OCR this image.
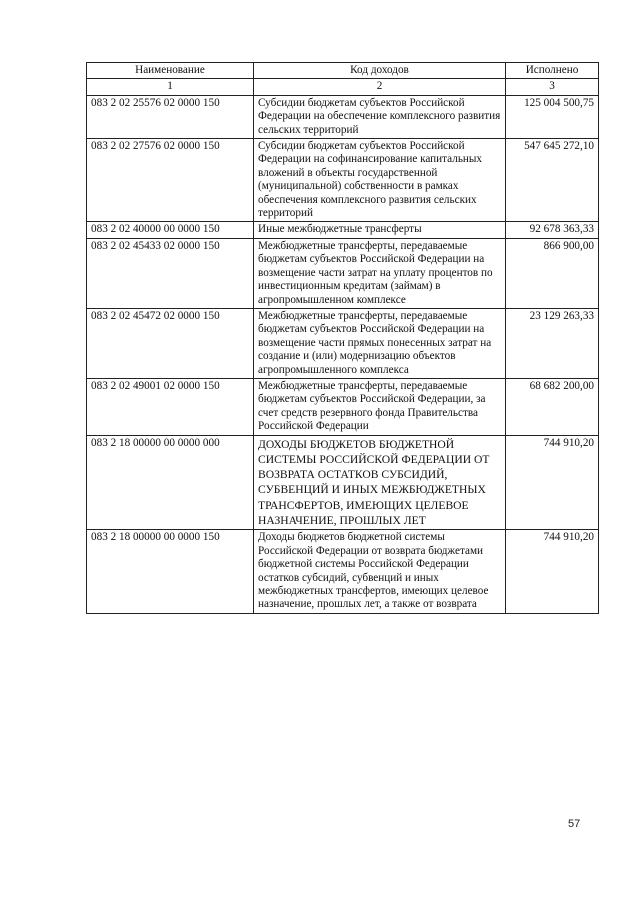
Наименование	Код доходов	Исполнено
1	2	3
083 2 02 25576 02 0000 150	Субсидии бюджетам субъектов Российской Федерации на обеспечение комплексного развития сельских территорий	125 004 500,75
083 2 02 27576 02 0000 150	Субсидии бюджетам субъектов Российской Федерации на софинансирование капитальных вложений в объекты государственной (муниципальной) собственности в рамках обеспечения комплексного развития сельских территорий	547 645 272,10
083 2 02 40000 00 0000 150	Иные межбюджетные трансферты	92 678 363,33
083 2 02 45433 02 0000 150	Межбюджетные трансферты, передаваемые бюджетам субъектов Российской Федерации на возмещение части затрат на уплату процентов по инвестиционным кредитам (займам) в агропромышленном комплексе	866 900,00
083 2 02 45472 02 0000 150	Межбюджетные трансферты, передаваемые бюджетам субъектов Российской Федерации на возмещение части прямых понесенных затрат на создание и (или) модернизацию объектов агропромышленного комплекса	23 129 263,33
083 2 02 49001 02 0000 150	Межбюджетные трансферты, передаваемые бюджетам субъектов Российской Федерации, за счет средств резервного фонда Правительства Российской Федерации	68 682 200,00
083 2 18 00000 00 0000 000	ДОХОДЫ БЮДЖЕТОВ БЮДЖЕТНОЙ СИСТЕМЫ РОССИЙСКОЙ ФЕДЕРАЦИИ ОТ ВОЗВРАТА ОСТАТКОВ СУБСИДИЙ, СУБВЕНЦИЙ И ИНЫХ МЕЖБЮДЖЕТНЫХ ТРАНСФЕРТОВ, ИМЕЮЩИХ ЦЕЛЕВОЕ НАЗНАЧЕНИЕ, ПРОШЛЫХ ЛЕТ	744 910,20
083 2 18 00000 00 0000 150	Доходы бюджетов бюджетной системы Российской Федерации от возврата бюджетами бюджетной системы Российской Федерации остатков субсидий, субвенций и иных межбюджетных трансфертов, имеющих целевое назначение, прошлых лет, а также от возврата	744 910,20
57
